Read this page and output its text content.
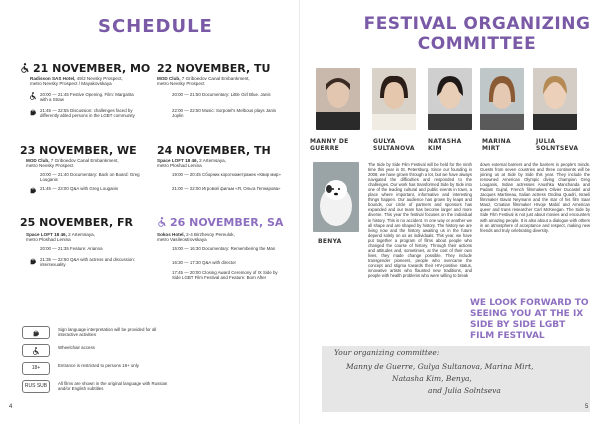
SCHEDULE
21 NOVEMBER, MO
Radisson SAS Hotel, 49/2 Nevsky Prospect,
metro Nevsky Prospect / Mayakovskaya
20:00 — 21:45 Festive Opening. Film: Margarita with a Straw
21:45 — 22:55 Discussion: challenges faced by differently abled persons in the LGBT community
22 NOVEMBER, TU
MOD Club, 7 Griboedov Canal Embankment,
metro Nevsky Prospect
20:00 — 21:50 Documentary: Little Girl Blue. Janis
22:00 — 22:50 Music: Sorpotel's Melbous plays Janis Joplin
23 NOVEMBER, WE
MOD Club, 7 Griboedov Canal Embankment,
metro Nevsky Prospect
20:00 — 21:40 Documentary: Back on Board: Greg Louganis
21:45 — 23:00 Q&A with Greg Louganis
24 NOVEMBER, TH
Space LOFT 18 46, 2 Artemsaya,
metro Ploshad Lenina
19:00 — 20:45 Сборник короткометражек «Квир мир»
21:00 — 22:00 Игровой фильм «Я, Ольга Гепнарова»
25 NOVEMBER, FR
Space LOFT 18 46, 2 Artemsaya,
metro Ploshad Lenina
20:00 — 21:35 Feature: Arianna
21:35 — 22:50 Q&A with actress and discussion: intersexuality
26 NOVEMBER, SA
Sokos Hotel, 2-4 Birzhevoy Pereulok,
metro Vasileostrovskaya
15:00 — 16:30 Documentary: Remembering the Man
16:30 — 17:30 Q&A with director
17:45 — 20:00 Closing Award Ceremony of IX Side by Side LGBT Film Festival and Feature: Born After
Sign language interpretation will be provided for all interactive activities
Wheelchair access
18+	Entrance is restricted to persons 18+ only
RUS SUB	All films are shown in the original language with Russian and/or English subtitles
4
FESTIVAL ORGANIZING
COMMITTEE
MANNY DE
GUERRE
GULYA
SULTANOVA
NATASHA
KIM
MARINA
MIRT
JULIA
SOLNTSEVA
BENYA
The Side by Side Film Festival will be held for the ninth time this year in St. Petersburg. Since our founding in 2008, we have grown through a lot, but we have always navigated the difficulties and responded to the challenges. Our work has transformed Side by Side into one of the leading cultural and public events in town, a place where important, informative and interesting things happen. Our audience has grown by leaps and bounds, our circle of partners and sponsors has expanded and our team has become larger and more diverse. This year the festival focuses on the individual in history. This is no accident. In one way or another we all shape and are shaped by history. The history we are living now and the history awaiting us in the future depend solely on us as individuals. This year, we have put together a program of films about people who changed the course of history. Through their actions and attitudes and, sometimes, at the cost of their own lives, they made change possible. They include transgender pioneers, people who overcame the concept and stigma towards their HIV-positive status, innovative artists who flaunted new traditions, and people with health problems who were willing to break
down external barriers and the barriers in people's minds. Guests from seven countries and three continents will be joining us at Side by Side this year. They include the renowned American Olympic diving champion Greg Louganis, Indian actresses Anushka Manchanda and Padam Gujral, French filmmakers Olivier Ducastel and Jacques Martineau, Italian actress Ondina Quadri, Israeli filmmaker Bavat Neymann and the star of his film Saar Maoz, Croatian filmmaker Hrvoje Mabić and American queer and trans researcher Carl McKeegan. The Side by Side Film Festival is not just about movies and encounters with amazing people. It is also about a dialogue with others in an atmosphere of acceptance and respect, making new friends and truly celebrating diversity.
WE LOOK FORWARD TO SEEING YOU AT THE IX SIDE BY SIDE LGBT FILM FESTIVAL
Your organizing committee:
Manny de Guerre, Gulya Sultanova, Marina Mirt,
Natasha Kim, Benya,
and Julia Solntseva
5
